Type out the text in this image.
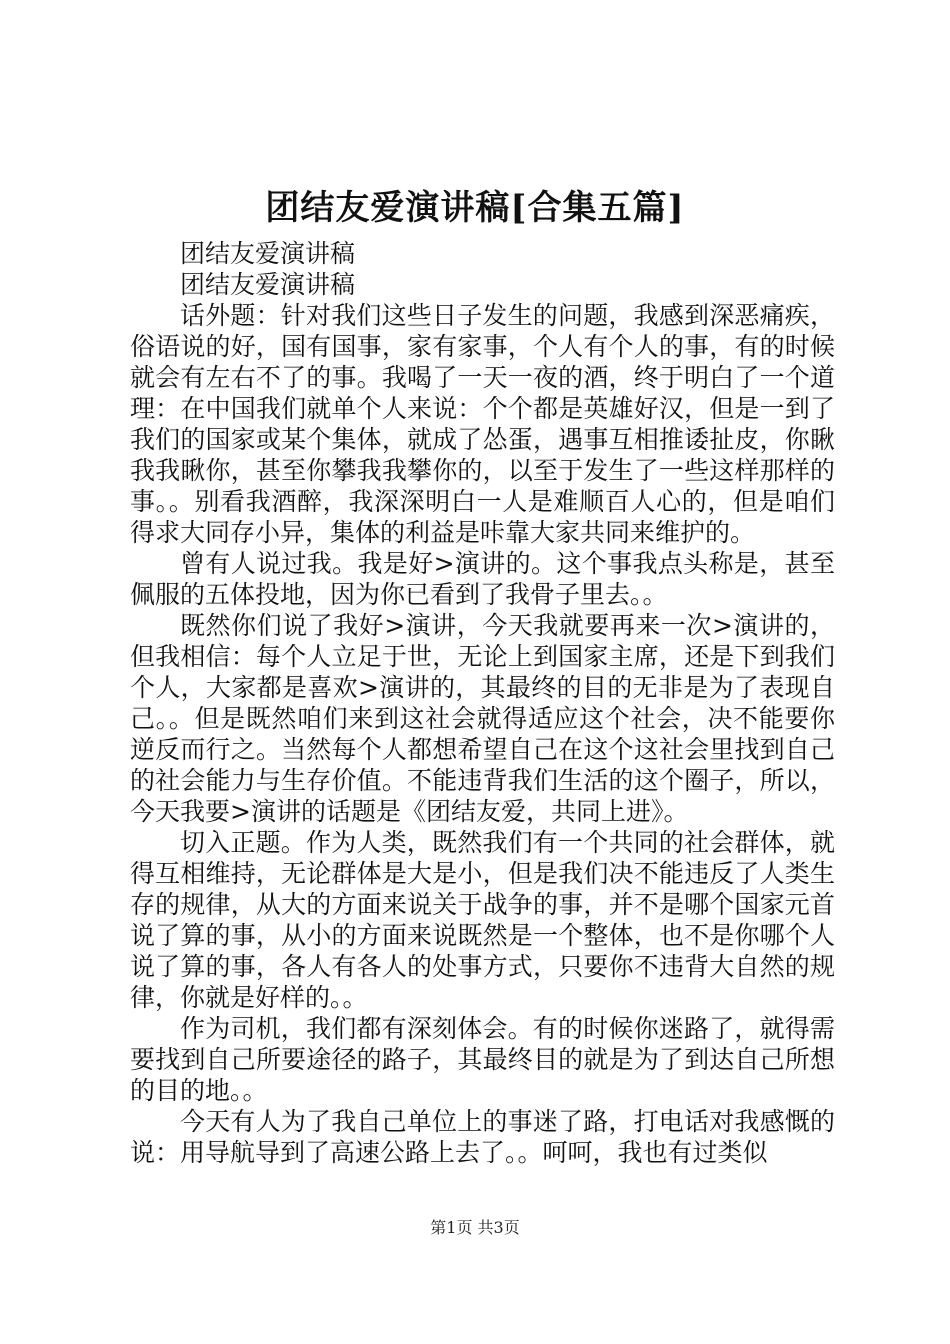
团结友爱演讲稿[合集五篇]

团结友爱演讲稿

团结友爱演讲稿

话外题：针对我们这些日子发生的问题，我感到深恶痛疾，俗语说的好，国有国事，家有家事，个人有个人的事，有的时候就会有左右不了的事。我喝了一天一夜的酒，终于明白了一个道理：在中国我们就单个人来说：个个都是英雄好汉，但是一到了我们的国家或某个集体，就成了怂蛋，遇事互相推诿扯皮，你瞅我我瞅你，甚至你攀我我攀你的，以至于发生了一些这样那样的事。。别看我酒醉，我深深明白一人是难顺百人心的，但是咱们得求大同存小异，集体的利益是咔靠大家共同来维护的。

曾有人说过我。我是好>演讲的。这个事我点头称是，甚至佩服的五体投地，因为你已看到了我骨子里去。。

既然你们说了我好>演讲，今天我就要再来一次>演讲的，但我相信：每个人立足于世，无论上到国家主席，还是下到我们个人，大家都是喜欢>演讲的，其最终的目的无非是为了表现自己。。但是既然咱们来到这社会就得适应这个社会，决不能要你逆反而行之。当然每个人都想希望自己在这个这社会里找到自己的社会能力与生存价值。不能违背我们生活的这个圈子，所以，今天我要>演讲的话题是《团结友爱，共同上进》。

切入正题。作为人类，既然我们有一个共同的社会群体，就得互相维持，无论群体是大是小，但是我们决不能违反了人类生存的规律，从大的方面来说关于战争的事，并不是哪个国家元首说了算的事，从小的方面来说既然是一个整体，也不是你哪个人说了算的事，各人有各人的处事方式，只要你不违背大自然的规律，你就是好样的。。

作为司机，我们都有深刻体会。有的时候你迷路了，就得需要找到自己所要途径的路子，其最终目的就是为了到达自己所想的目的地。。

今天有人为了我自己单位上的事迷了路，打电话对我感慨的说：用导航导到了高速公路上去了。。呵呵，我也有过类似

第1页 共3页
